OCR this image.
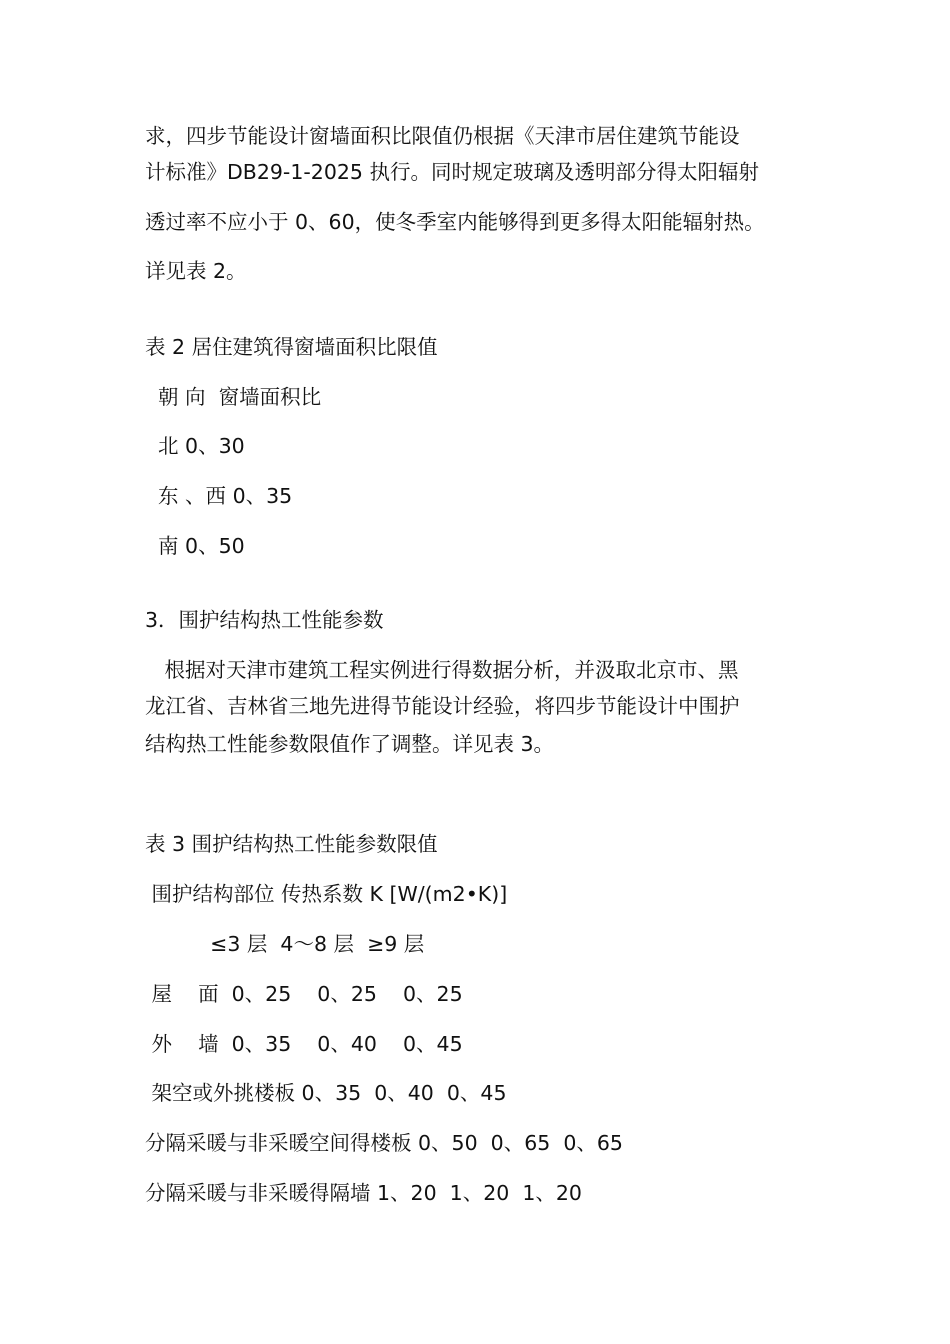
求，四步节能设计窗墙面积比限值仍根据《天津市居住建筑节能设

计标准》DB29-1-2025 执行。同时规定玻璃及透明部分得太阳辐射

透过率不应小于 0、60，使冬季室内能够得到更多得太阳能辐射热。

详见表 2。

表 2 居住建筑得窗墙面积比限值

朝 向  窗墙面积比

北 0、30

东 、西 0、35

南 0、50

3．围护结构热工性能参数

根据对天津市建筑工程实例进行得数据分析，并汲取北京市、黑

龙江省、吉林省三地先进得节能设计经验，将四步节能设计中围护

结构热工性能参数限值作了调整。详见表 3。

表 3 围护结构热工性能参数限值

围护结构部位 传热系数 K [W/(m2•K)]

≤3 层  4～8 层  ≥9 层

屋    面  0、25    0、25    0、25

外    墙  0、35    0、40    0、45

架空或外挑楼板 0、35  0、40  0、45

分隔采暖与非采暖空间得楼板 0、50  0、65  0、65

分隔采暖与非采暖得隔墙 1、20  1、20  1、20
